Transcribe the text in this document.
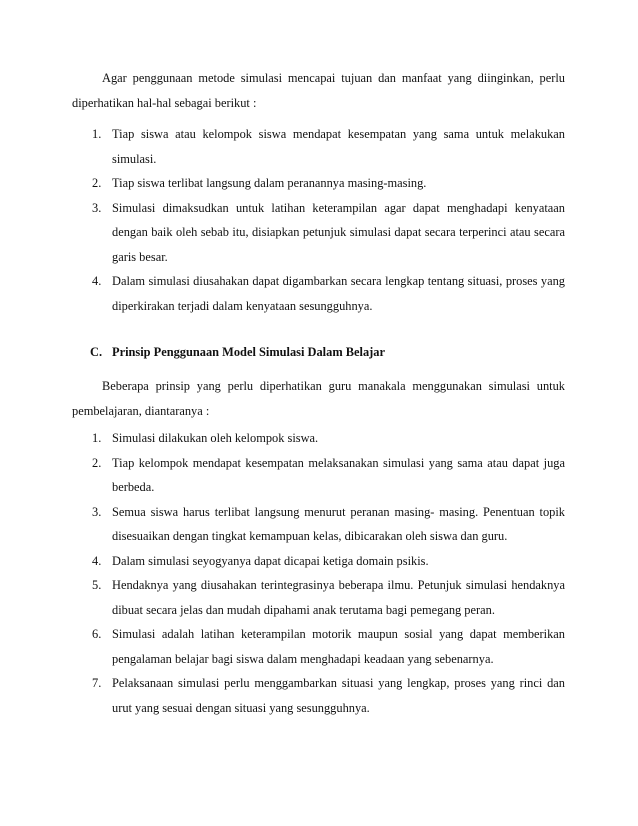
Agar penggunaan metode simulasi mencapai tujuan dan manfaat yang diinginkan, perlu diperhatikan hal-hal sebagai berikut :

1. Tiap siswa atau kelompok siswa mendapat kesempatan yang sama untuk melakukan simulasi.
2. Tiap siswa terlibat langsung dalam peranannya masing-masing.
3. Simulasi dimaksudkan untuk latihan keterampilan agar dapat menghadapi kenyataan dengan baik oleh sebab itu, disiapkan petunjuk simulasi dapat secara terperinci atau secara garis besar.
4. Dalam simulasi diusahakan dapat digambarkan secara lengkap tentang situasi, proses yang diperkirakan terjadi dalam kenyataan sesungguhnya.
C. Prinsip Penggunaan Model Simulasi Dalam Belajar

Beberapa prinsip yang perlu diperhatikan guru manakala menggunakan simulasi untuk pembelajaran, diantaranya :

1. Simulasi dilakukan oleh kelompok siswa.
2. Tiap kelompok mendapat kesempatan melaksanakan simulasi yang sama atau dapat juga berbeda.
3. Semua siswa harus terlibat langsung menurut peranan masing- masing. Penentuan topik disesuaikan dengan tingkat kemampuan kelas, dibicarakan oleh siswa dan guru.
4. Dalam simulasi seyogyanya dapat dicapai ketiga domain psikis.
5. Hendaknya yang diusahakan terintegrasinya beberapa ilmu. Petunjuk simulasi hendaknya dibuat secara jelas dan mudah dipahami anak terutama bagi pemegang peran.
6. Simulasi adalah latihan keterampilan motorik maupun sosial yang dapat memberikan pengalaman belajar bagi siswa dalam menghadapi keadaan yang sebenarnya.
7. Pelaksanaan simulasi perlu menggambarkan situasi yang lengkap, proses yang rinci dan urut yang sesuai dengan situasi yang sesungguhnya.
